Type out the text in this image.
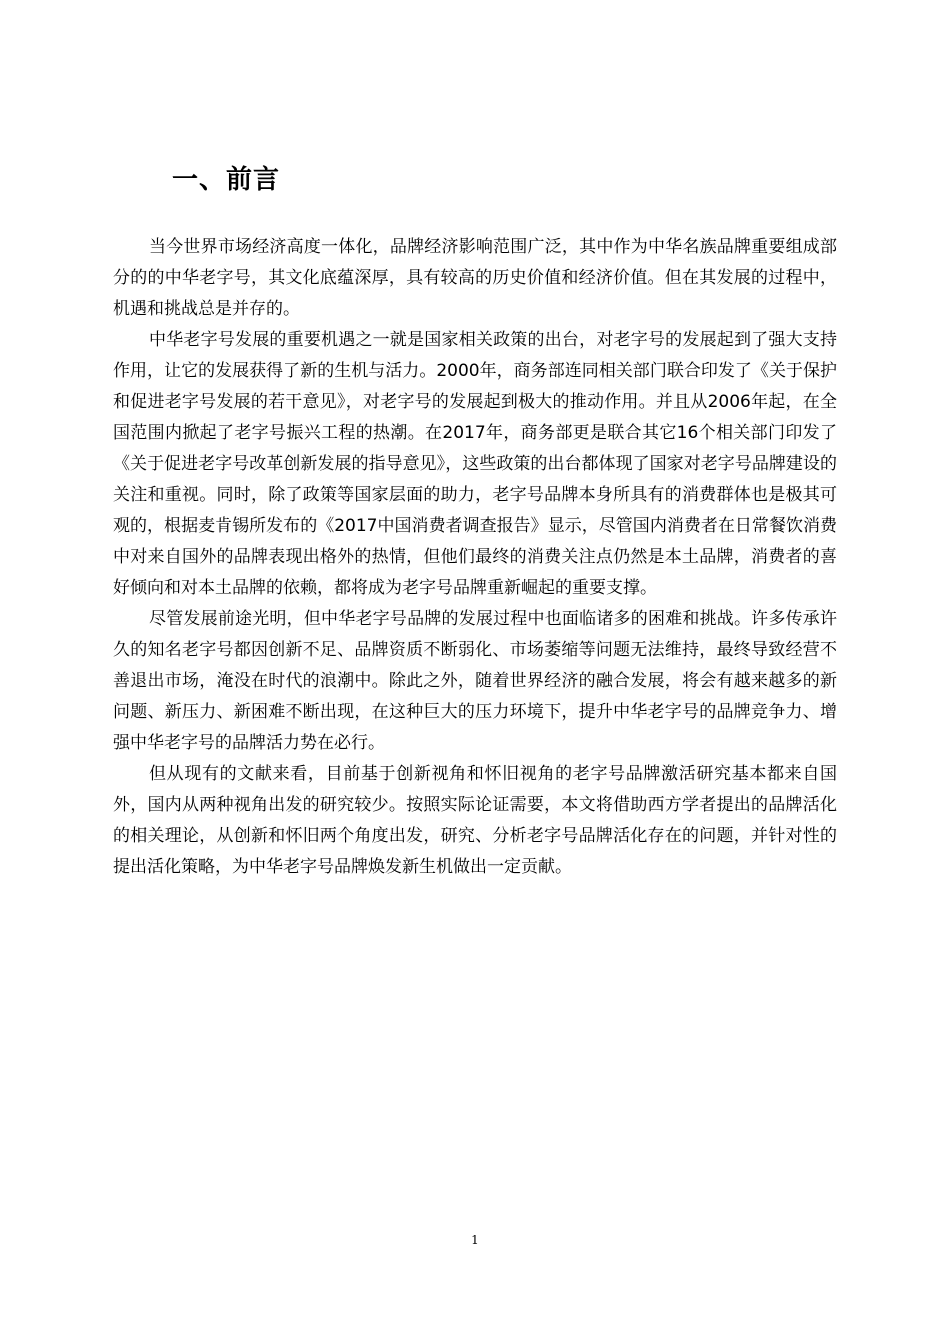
一、前言

当今世界市场经济高度一体化，品牌经济影响范围广泛，其中作为中华名族品牌重要组成部分的的中华老字号，其文化底蕴深厚，具有较高的历史价值和经济价值。但在其发展的过程中，机遇和挑战总是并存的。

中华老字号发展的重要机遇之一就是国家相关政策的出台，对老字号的发展起到了强大支持作用，让它的发展获得了新的生机与活力。2000年，商务部连同相关部门联合印发了《关于保护和促进老字号发展的若干意见》，对老字号的发展起到极大的推动作用。并且从2006年起，在全国范围内掀起了老字号振兴工程的热潮。在2017年，商务部更是联合其它16个相关部门印发了《关于促进老字号改革创新发展的指导意见》，这些政策的出台都体现了国家对老字号品牌建设的关注和重视。同时，除了政策等国家层面的助力，老字号品牌本身所具有的消费群体也是极其可观的，根据麦肯锡所发布的《2017中国消费者调查报告》显示，尽管国内消费者在日常餐饮消费中对来自国外的品牌表现出格外的热情，但他们最终的消费关注点仍然是本土品牌，消费者的喜好倾向和对本土品牌的依赖，都将成为老字号品牌重新崛起的重要支撑。

尽管发展前途光明，但中华老字号品牌的发展过程中也面临诸多的困难和挑战。许多传承许久的知名老字号都因创新不足、品牌资质不断弱化、市场萎缩等问题无法维持，最终导致经营不善退出市场，淹没在时代的浪潮中。除此之外，随着世界经济的融合发展，将会有越来越多的新问题、新压力、新困难不断出现，在这种巨大的压力环境下，提升中华老字号的品牌竞争力、增强中华老字号的品牌活力势在必行。

但从现有的文献来看，目前基于创新视角和怀旧视角的老字号品牌激活研究基本都来自国外，国内从两种视角出发的研究较少。按照实际论证需要，本文将借助西方学者提出的品牌活化的相关理论，从创新和怀旧两个角度出发，研究、分析老字号品牌活化存在的问题，并针对性的提出活化策略，为中华老字号品牌焕发新生机做出一定贡献。

1
